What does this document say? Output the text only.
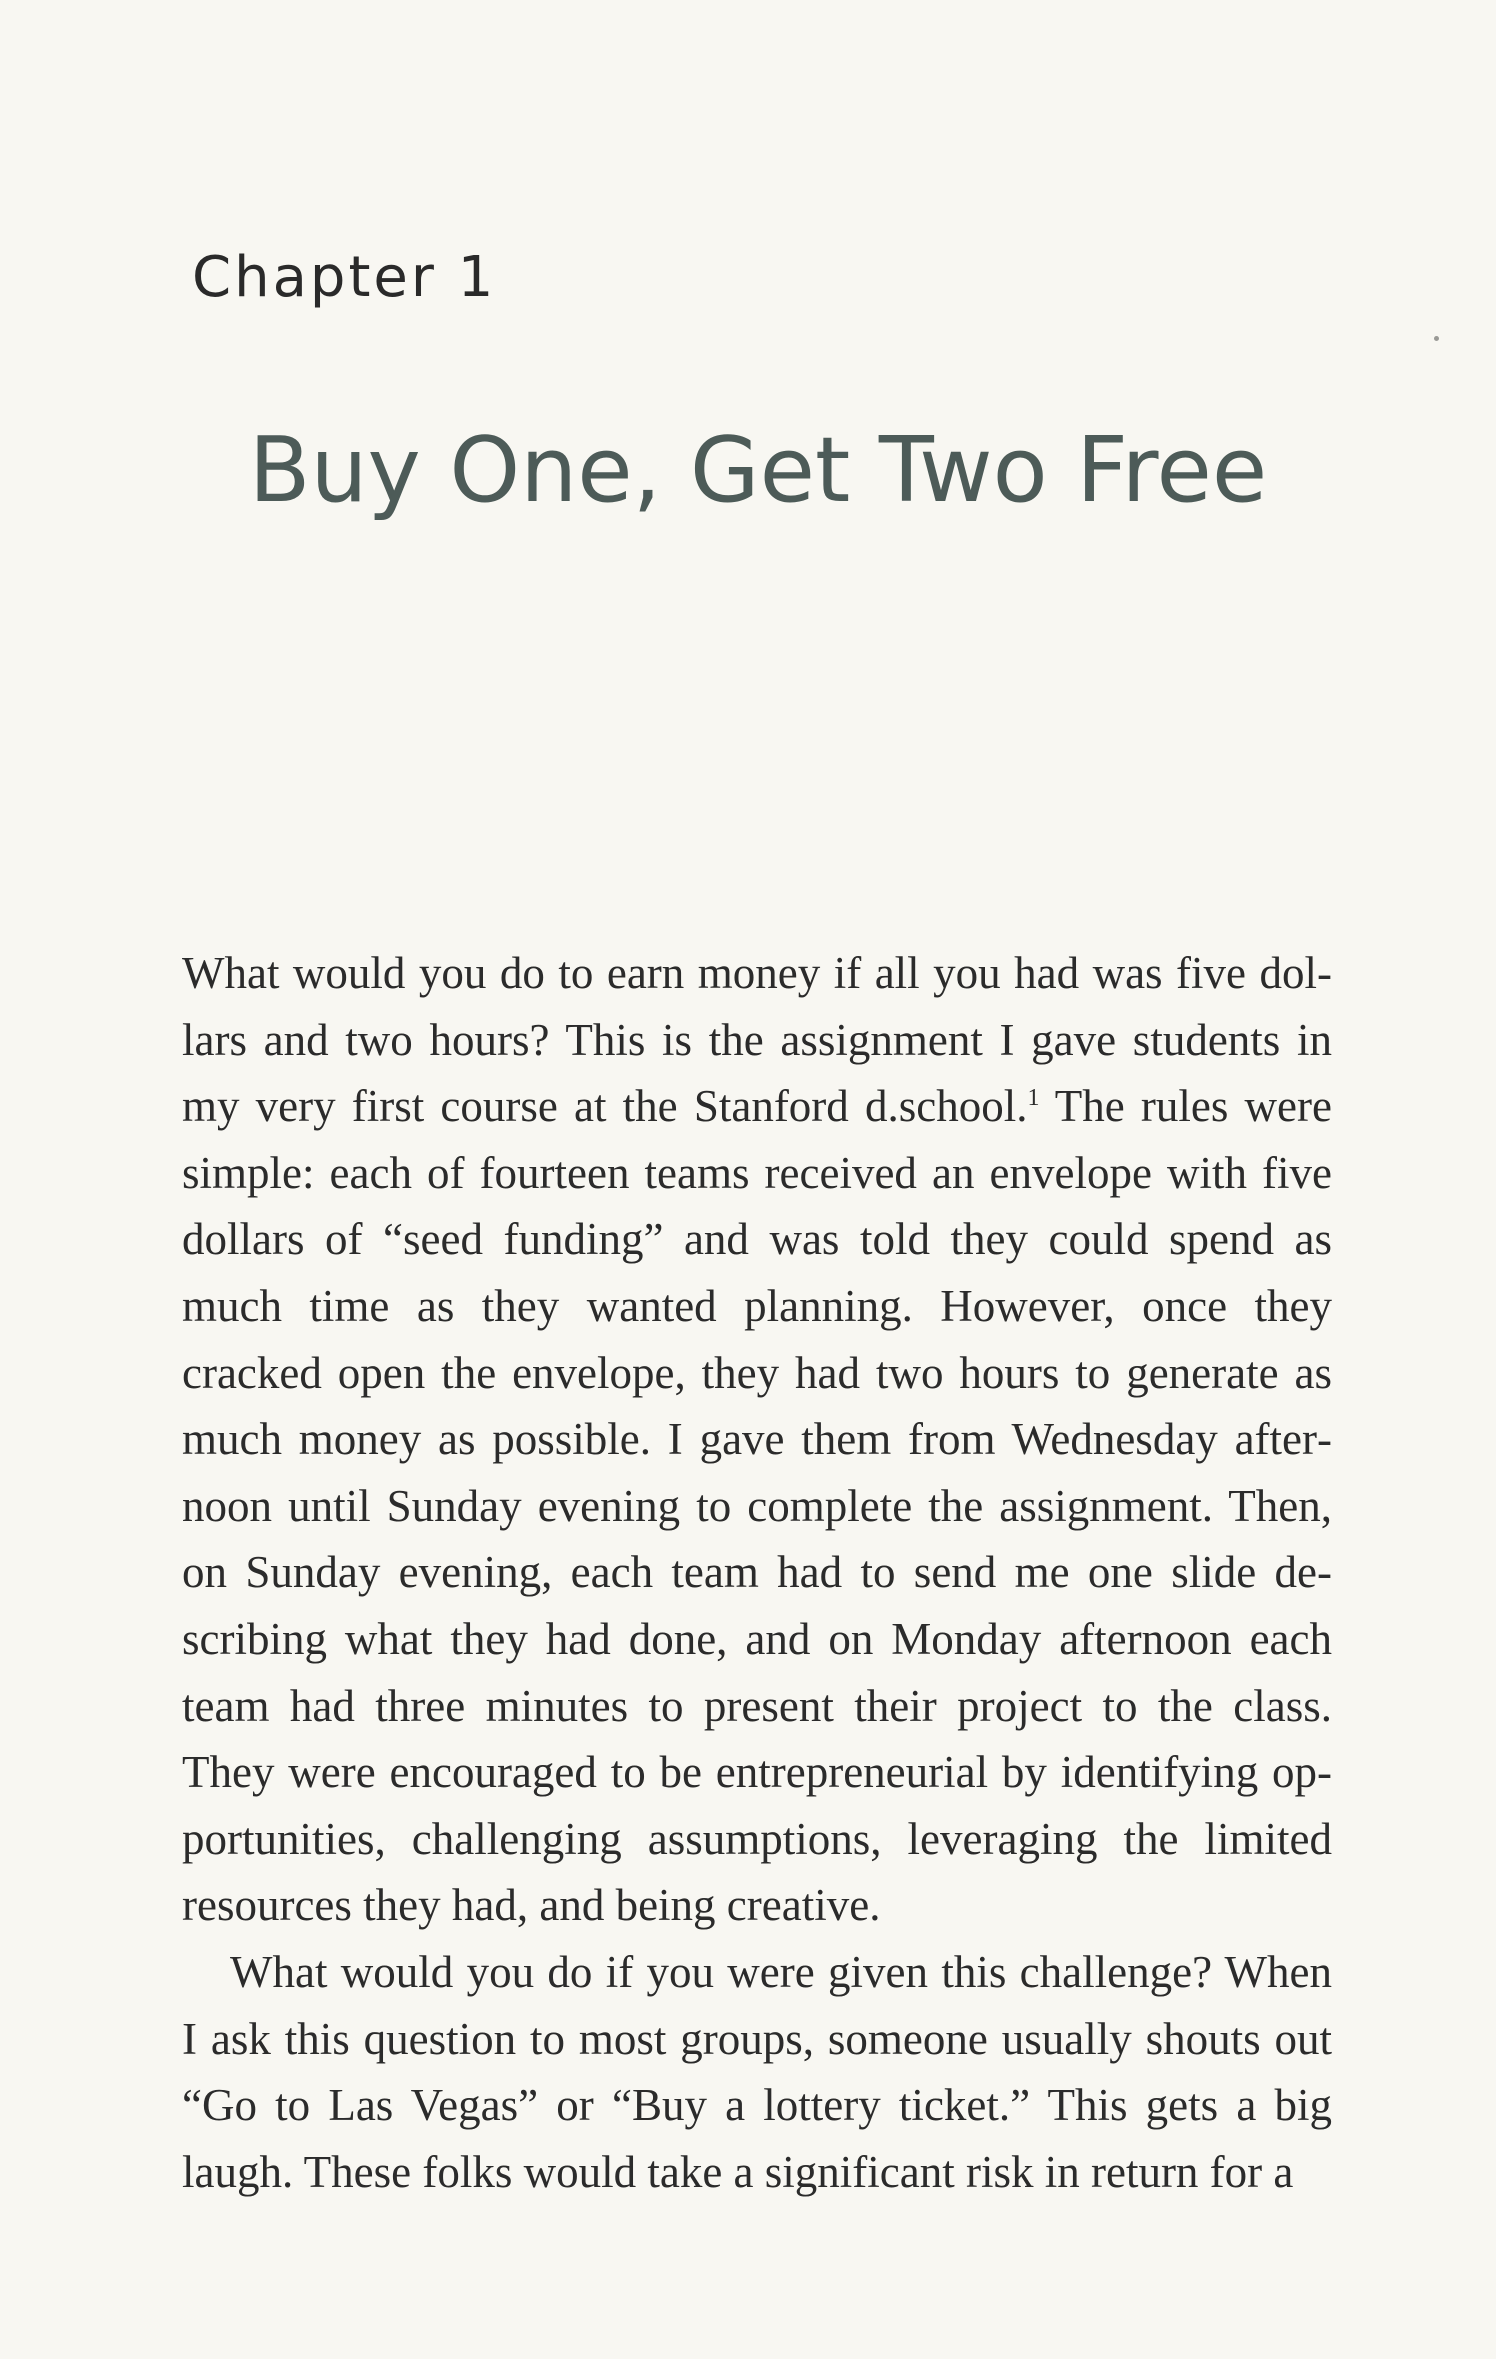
Chapter 1
Buy One, Get Two Free

What would you do to earn money if all you had was five dollars and two hours? This is the assignment I gave students in my very first course at the Stanford d.school.$^1$ The rules were simple: each of fourteen teams received an envelope with five dollars of “seed funding” and was told they could spend as much time as they wanted planning. However, once they cracked open the envelope, they had two hours to generate as much money as possible. I gave them from Wednesday afternoon until Sunday evening to complete the assignment. Then, on Sunday evening, each team had to send me one slide describing what they had done, and on Monday afternoon each team had three minutes to present their project to the class. They were encouraged to be entrepreneurial by identifying opportunities, challenging assumptions, leveraging the limited resources they had, and being creative.

What would you do if you were given this challenge? When I ask this question to most groups, someone usually shouts out “Go to Las Vegas” or “Buy a lottery ticket.” This gets a big laugh. These folks would take a significant risk in return for a
